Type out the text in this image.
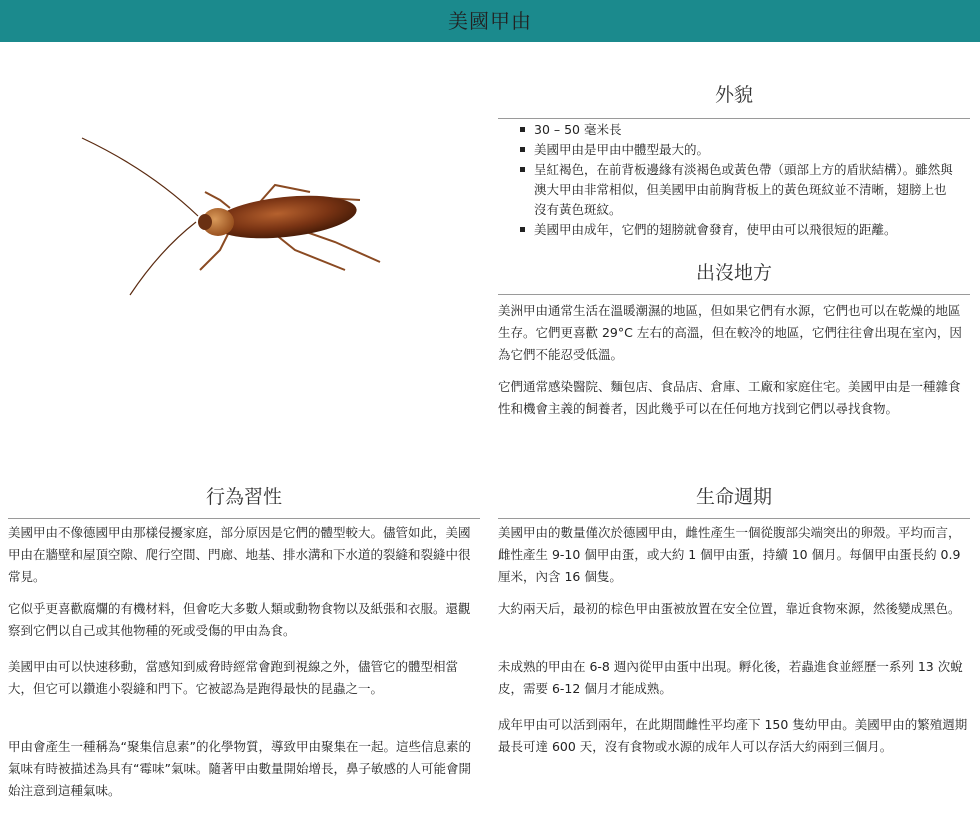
美國甲由
外貌
30 – 50 毫米長
美國甲由是甲由中體型最大的。
呈紅褐色，在前背板邊緣有淡褐色或黃色帶（頭部上方的盾狀結構）。雖然與澳大甲由非常相似，但美國甲由前胸背板上的黃色斑紋並不清晰，翅膀上也沒有黃色斑紋。
美國甲由成年，它們的翅膀就會發育，使甲由可以飛很短的距離。
出沒地方

美洲甲由通常生活在溫暖潮濕的地區，但如果它們有水源，它們也可以在乾燥的地區生存。它們更喜歡 29°C 左右的高溫，但在較冷的地區，它們往往會出現在室內，因為它們不能忍受低溫。

它們通常感染醫院、麵包店、食品店、倉庫、工廠和家庭住宅。美國甲由是一種雜食性和機會主義的飼養者，因此幾乎可以在任何地方找到它們以尋找食物。

行為習性

美國甲由不像德國甲由那樣侵擾家庭，部分原因是它們的體型較大。儘管如此，美國甲由在牆壁和屋頂空隙、爬行空間、門廊、地基、排水溝和下水道的裂縫和裂縫中很常見。

它似乎更喜歡腐爛的有機材料，但會吃大多數人類或動物食物以及紙張和衣服。還觀察到它們以自己或其他物種的死或受傷的甲由為食。

美國甲由可以快速移動，當感知到威脅時經常會跑到視線之外，儘管它的體型相當大，但它可以鑽進小裂縫和門下。它被認為是跑得最快的昆蟲之一。

甲由會產生一種稱為“聚集信息素”的化學物質，導致甲由聚集在一起。這些信息素的氣味有時被描述為具有“霉味”氣味。隨著甲由數量開始增長，鼻子敏感的人可能會開始注意到這種氣味。

生命週期

美國甲由的數量僅次於德國甲由，雌性產生一個從腹部尖端突出的卵殼。平均而言，雌性產生 9-10 個甲由蛋，或大約 1 個甲由蛋，持續 10 個月。每個甲由蛋長約 0.9 厘米，內含 16 個隻。

大約兩天后，最初的棕色甲由蛋被放置在安全位置，靠近食物來源，然後變成黑色。

未成熟的甲由在 6-8 週內從甲由蛋中出現。孵化後，若蟲進食並經歷一系列 13 次蛻皮，需要 6-12 個月才能成熟。

成年甲由可以活到兩年，在此期間雌性平均產下 150 隻幼甲由。美國甲由的繁殖週期最長可達 600 天，沒有食物或水源的成年人可以存活大約兩到三個月。
